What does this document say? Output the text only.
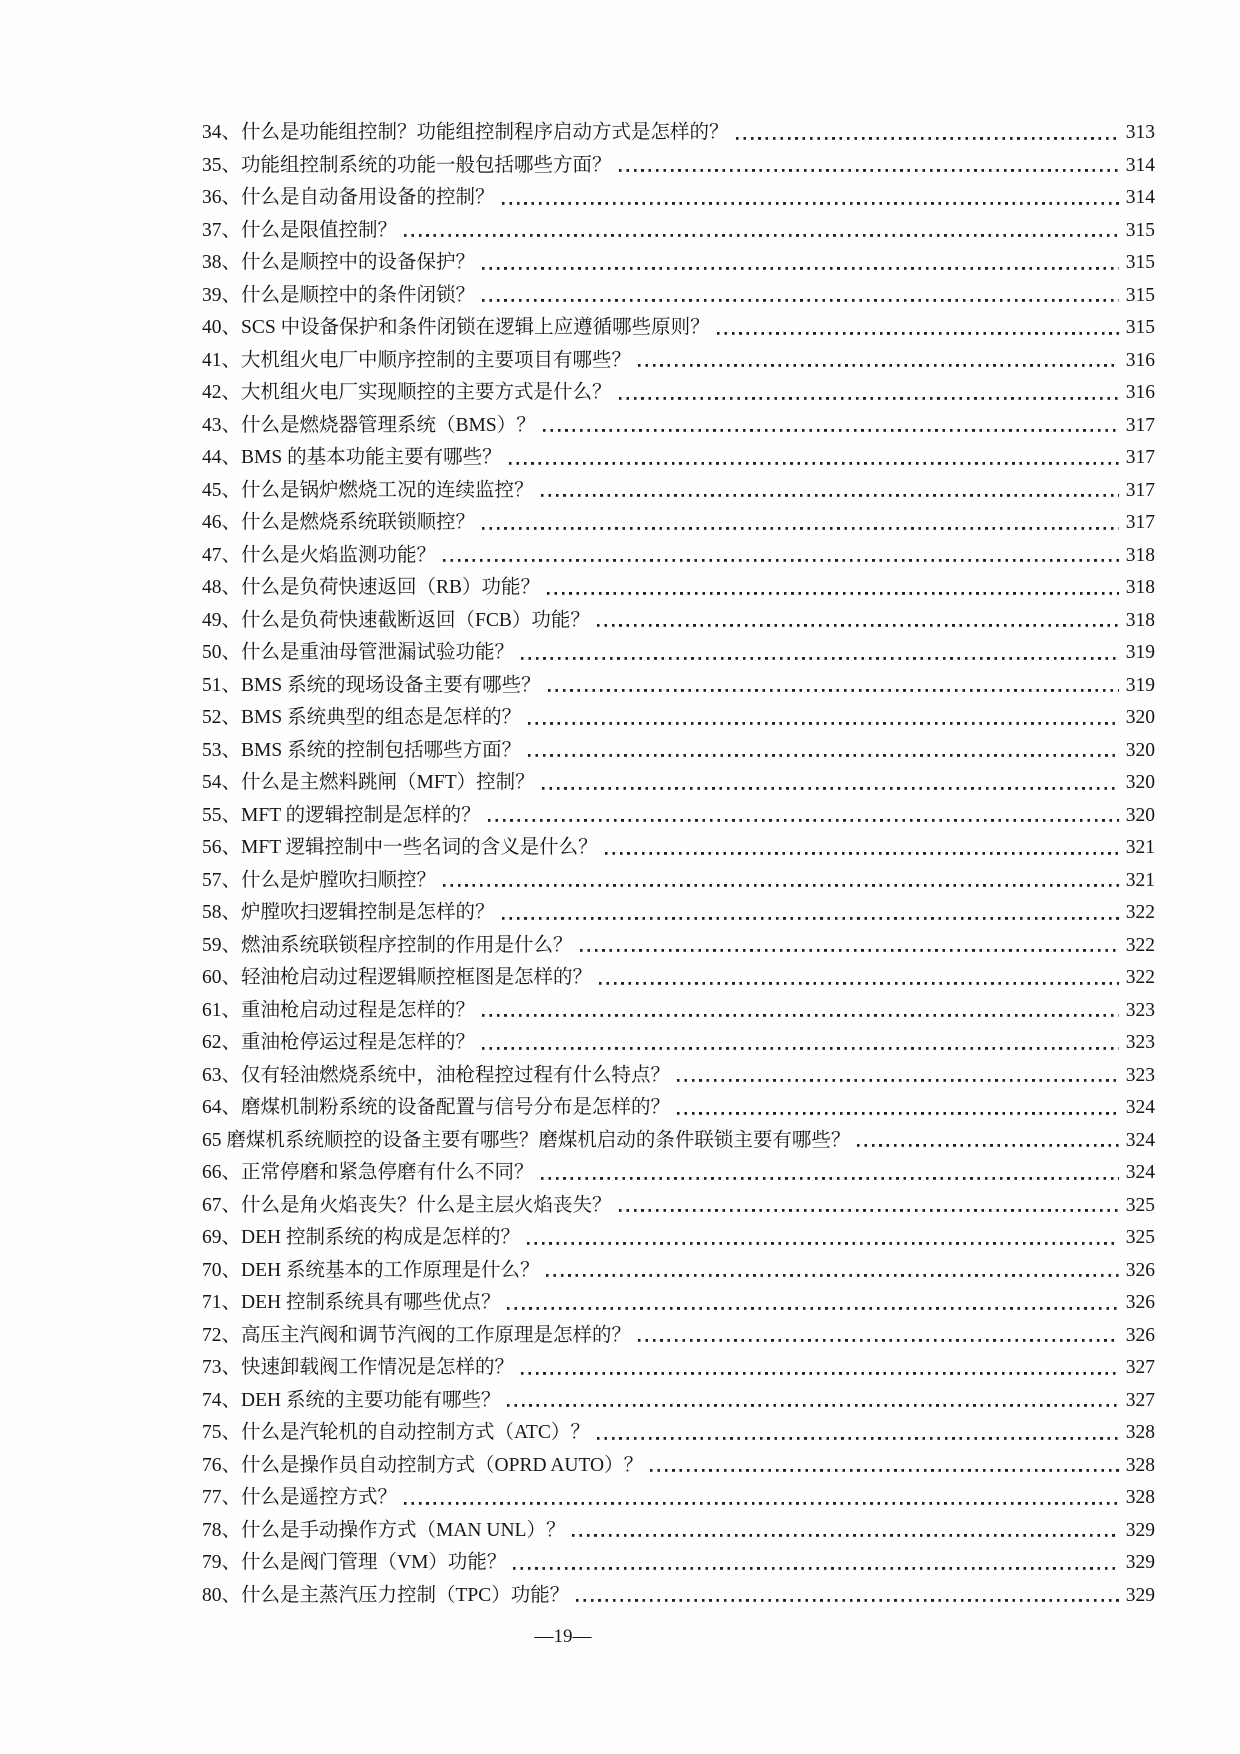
34、 什么是功能组控制？功能组控制程序启动方式是怎样的？	313
35、 功能组控制系统的功能一般包括哪些方面？	314
36、 什么是自动备用设备的控制？	314
37、 什么是限值控制？	315
38、 什么是顺控中的设备保护？	315
39、 什么是顺控中的条件闭锁？	315
40、 SCS 中设备保护和条件闭锁在逻辑上应遵循哪些原则？	315
41、 大机组火电厂中顺序控制的主要项目有哪些？	316
42、 大机组火电厂实现顺控的主要方式是什么？	316
43、 什么是燃烧器管理系统（BMS）？	317
44、 BMS 的基本功能主要有哪些？	317
45、 什么是锅炉燃烧工况的连续监控？	317
46、 什么是燃烧系统联锁顺控？	317
47、 什么是火焰监测功能？	318
48、 什么是负荷快速返回（RB）功能？	318
49、 什么是负荷快速截断返回（FCB）功能？	318
50、 什么是重油母管泄漏试验功能？	319
51、 BMS 系统的现场设备主要有哪些？	319
52、 BMS 系统典型的组态是怎样的？	320
53、 BMS 系统的控制包括哪些方面？	320
54、 什么是主燃料跳闸（MFT）控制？	320
55、 MFT 的逻辑控制是怎样的？	320
56、 MFT 逻辑控制中一些名词的含义是什么？	321
57、 什么是炉膛吹扫顺控？	321
58、 炉膛吹扫逻辑控制是怎样的？	322
59、 燃油系统联锁程序控制的作用是什么？	322
60、 轻油枪启动过程逻辑顺控框图是怎样的？	322
61、 重油枪启动过程是怎样的？	323
62、 重油枪停运过程是怎样的？	323
63、 仅有轻油燃烧系统中，油枪程控过程有什么特点？	323
64、 磨煤机制粉系统的设备配置与信号分布是怎样的？	324
65 磨煤机系统顺控的设备主要有哪些？磨煤机启动的条件联锁主要有哪些？	324
66、 正常停磨和紧急停磨有什么不同？	324
67、 什么是角火焰丧失？什么是主层火焰丧失？	325
69、 DEH 控制系统的构成是怎样的？	325
70、 DEH 系统基本的工作原理是什么？	326
71、 DEH 控制系统具有哪些优点？	326
72、 高压主汽阀和调节汽阀的工作原理是怎样的？	326
73、 快速卸载阀工作情况是怎样的？	327
74、 DEH 系统的主要功能有哪些？	327
75、 什么是汽轮机的自动控制方式（ATC）？	328
76、 什么是操作员自动控制方式（OPRD AUTO）？	328
77、 什么是遥控方式？	328
78、 什么是手动操作方式（MAN UNL）？	329
79、 什么是阀门管理（VM）功能？	329
80、 什么是主蒸汽压力控制（TPC）功能？	329
—19—
